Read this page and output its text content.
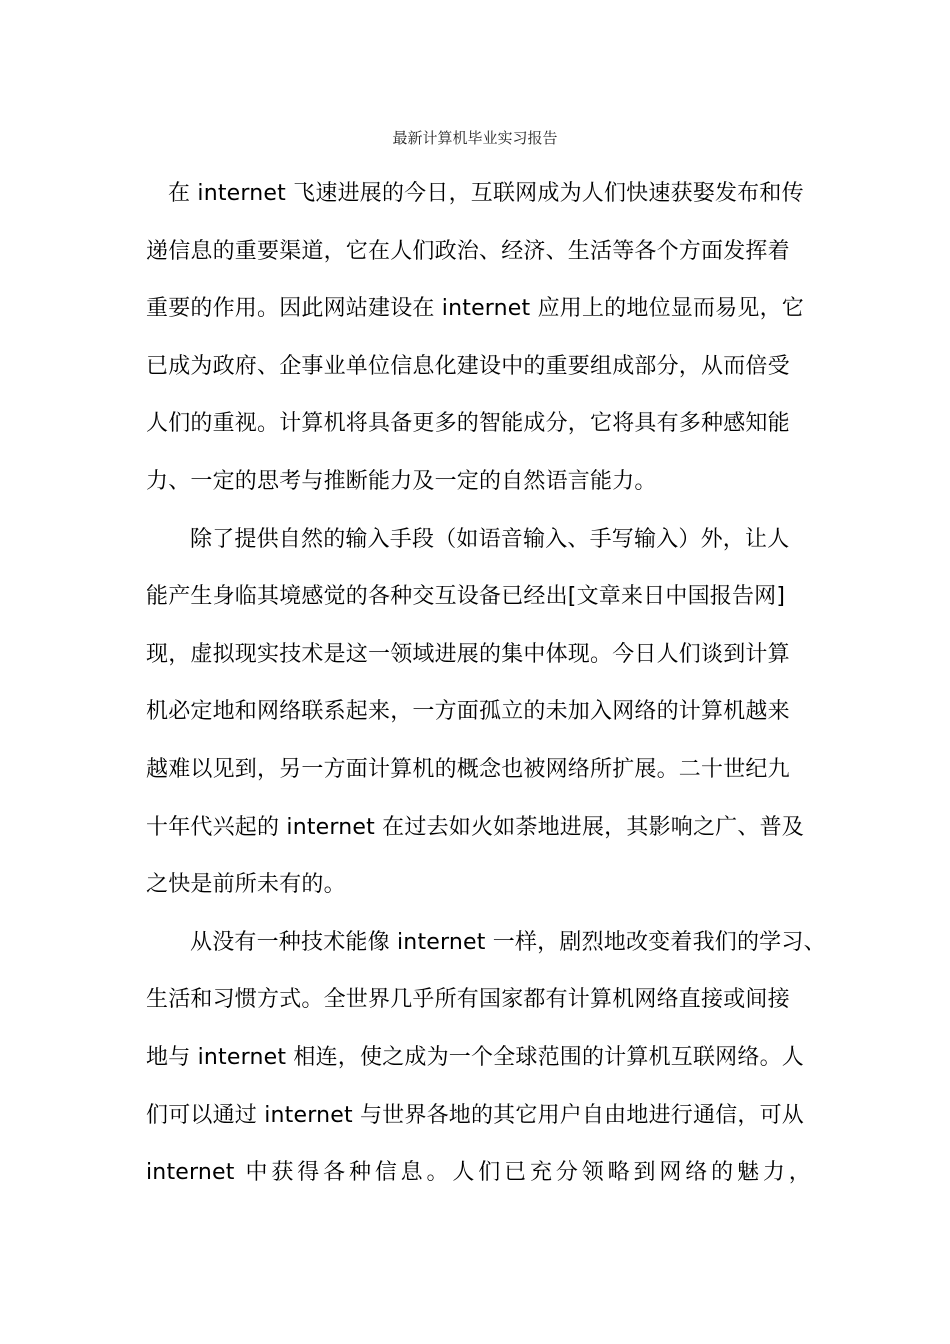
最新计算机毕业实习报告
在 internet 飞速进展的今日，互联网成为人们快速获娶发布和传
递信息的重要渠道，它在人们政治、经济、生活等各个方面发挥着
重要的作用。因此网站建设在 internet 应用上的地位显而易见，它
已成为政府、企事业单位信息化建设中的重要组成部分，从而倍受
人们的重视。计算机将具备更多的智能成分，它将具有多种感知能
力、一定的思考与推断能力及一定的自然语言能力。
除了提供自然的输入手段（如语音输入、手写输入）外，让人
能产生身临其境感觉的各种交互设备已经出[文章来日中国报告网]
现，虚拟现实技术是这一领域进展的集中体现。今日人们谈到计算
机必定地和网络联系起来，一方面孤立的未加入网络的计算机越来
越难以见到，另一方面计算机的概念也被网络所扩展。二十世纪九
十年代兴起的 internet 在过去如火如荼地进展，其影响之广、普及
之快是前所未有的。
从没有一种技术能像 internet 一样，剧烈地改变着我们的学习、
生活和习惯方式。全世界几乎所有国家都有计算机网络直接或间接
地与 internet 相连，使之成为一个全球范围的计算机互联网络。人
们可以通过 internet 与世界各地的其它用户自由地进行通信，可从
internet 中获得各种信息。人们已充分领略到网络的魅力，
